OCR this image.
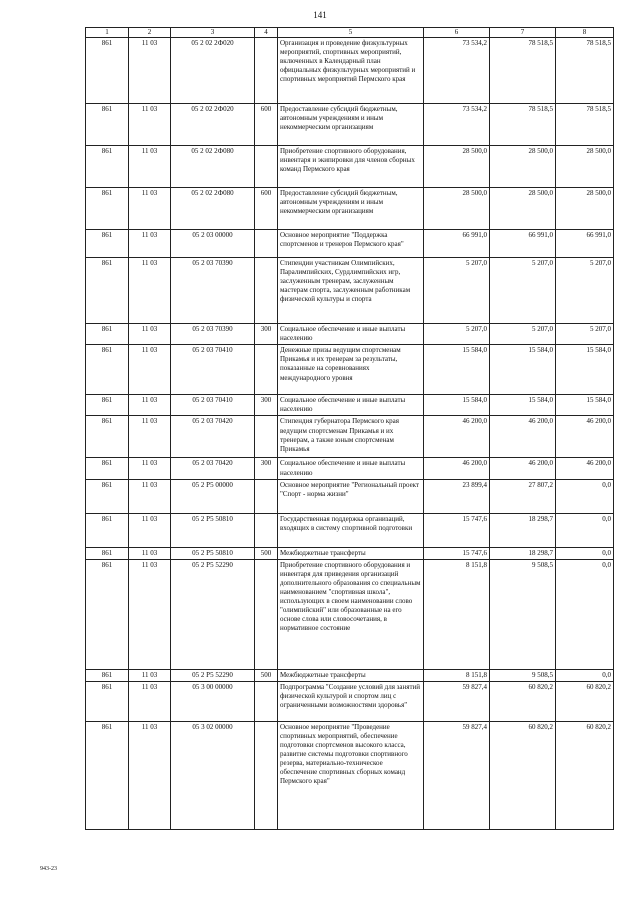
141
1	2	3	4	5	6	7	8
861	11 03	05 2 02 2Ф020		Организация и проведение физкультурных мероприятий, спортивных мероприятий, включенных в Календарный план официальных физкультурных мероприятий и спортивных мероприятий Пермского края	73 534,2	78 518,5	78 518,5
861	11 03	05 2 02 2Ф020	600	Предоставление субсидий бюджетным, автономным учреждениям и иным некоммерческим организациям	73 534,2	78 518,5	78 518,5
861	11 03	05 2 02 2Ф080		Приобретение спортивного оборудования, инвентаря и экипировки для членов сборных команд Пермского края	28 500,0	28 500,0	28 500,0
861	11 03	05 2 02 2Ф080	600	Предоставление субсидий бюджетным, автономным учреждениям и иным некоммерческим организациям	28 500,0	28 500,0	28 500,0
861	11 03	05 2 03 00000		Основное мероприятие "Поддержка спортсменов и тренеров Пермского края"	66 991,0	66 991,0	66 991,0
861	11 03	05 2 03 70390		Стипендии участникам Олимпийских, Паралимпийских, Сурдлимпийских игр, заслуженным тренерам, заслуженным мастерам спорта, заслуженным работникам физической культуры и спорта	5 207,0	5 207,0	5 207,0
861	11 03	05 2 03 70390	300	Социальное обеспечение и иные выплаты населению	5 207,0	5 207,0	5 207,0
861	11 03	05 2 03 70410		Денежные призы ведущим спортсменам Прикамья и их тренерам за результаты, показанные на соревнованиях международного уровня	15 584,0	15 584,0	15 584,0
861	11 03	05 2 03 70410	300	Социальное обеспечение и иные выплаты населению	15 584,0	15 584,0	15 584,0
861	11 03	05 2 03 70420		Стипендия губернатора Пермского края ведущим спортсменам Прикамья и их тренерам, а также юным спортсменам Прикамья	46 200,0	46 200,0	46 200,0
861	11 03	05 2 03 70420	300	Социальное обеспечение и иные выплаты населению	46 200,0	46 200,0	46 200,0
861	11 03	05 2 P5 00000		Основное мероприятие "Региональный проект "Спорт - норма жизни"	23 899,4	27 807,2	0,0
861	11 03	05 2 P5 50810		Государственная поддержка организаций, входящих в систему спортивной подготовки	15 747,6	18 298,7	0,0
861	11 03	05 2 P5 50810	500	Межбюджетные трансферты	15 747,6	18 298,7	0,0
861	11 03	05 2 P5 52290		Приобретение спортивного оборудования и инвентаря для приведения организаций дополнительного образования со специальным наименованием "спортивная школа", использующих в своем наименовании слово "олимпийский" или образованные на его основе слова или словосочетания, в нормативное состояние	8 151,8	9 508,5	0,0
861	11 03	05 2 P5 52290	500	Межбюджетные трансферты	8 151,8	9 508,5	0,0
861	11 03	05 3 00 00000		Подпрограмма "Создание условий для занятий физической культурой и спортом лиц с ограниченными возможностями здоровья"	59 827,4	60 820,2	60 820,2
861	11 03	05 3 02 00000		Основное мероприятие "Проведение спортивных мероприятий, обеспечение подготовки спортсменов высокого класса, развитие системы подготовки спортивного резерва, материально-техническое обеспечение спортивных сборных команд Пермского края"	59 827,4	60 820,2	60 820,2
943-23
